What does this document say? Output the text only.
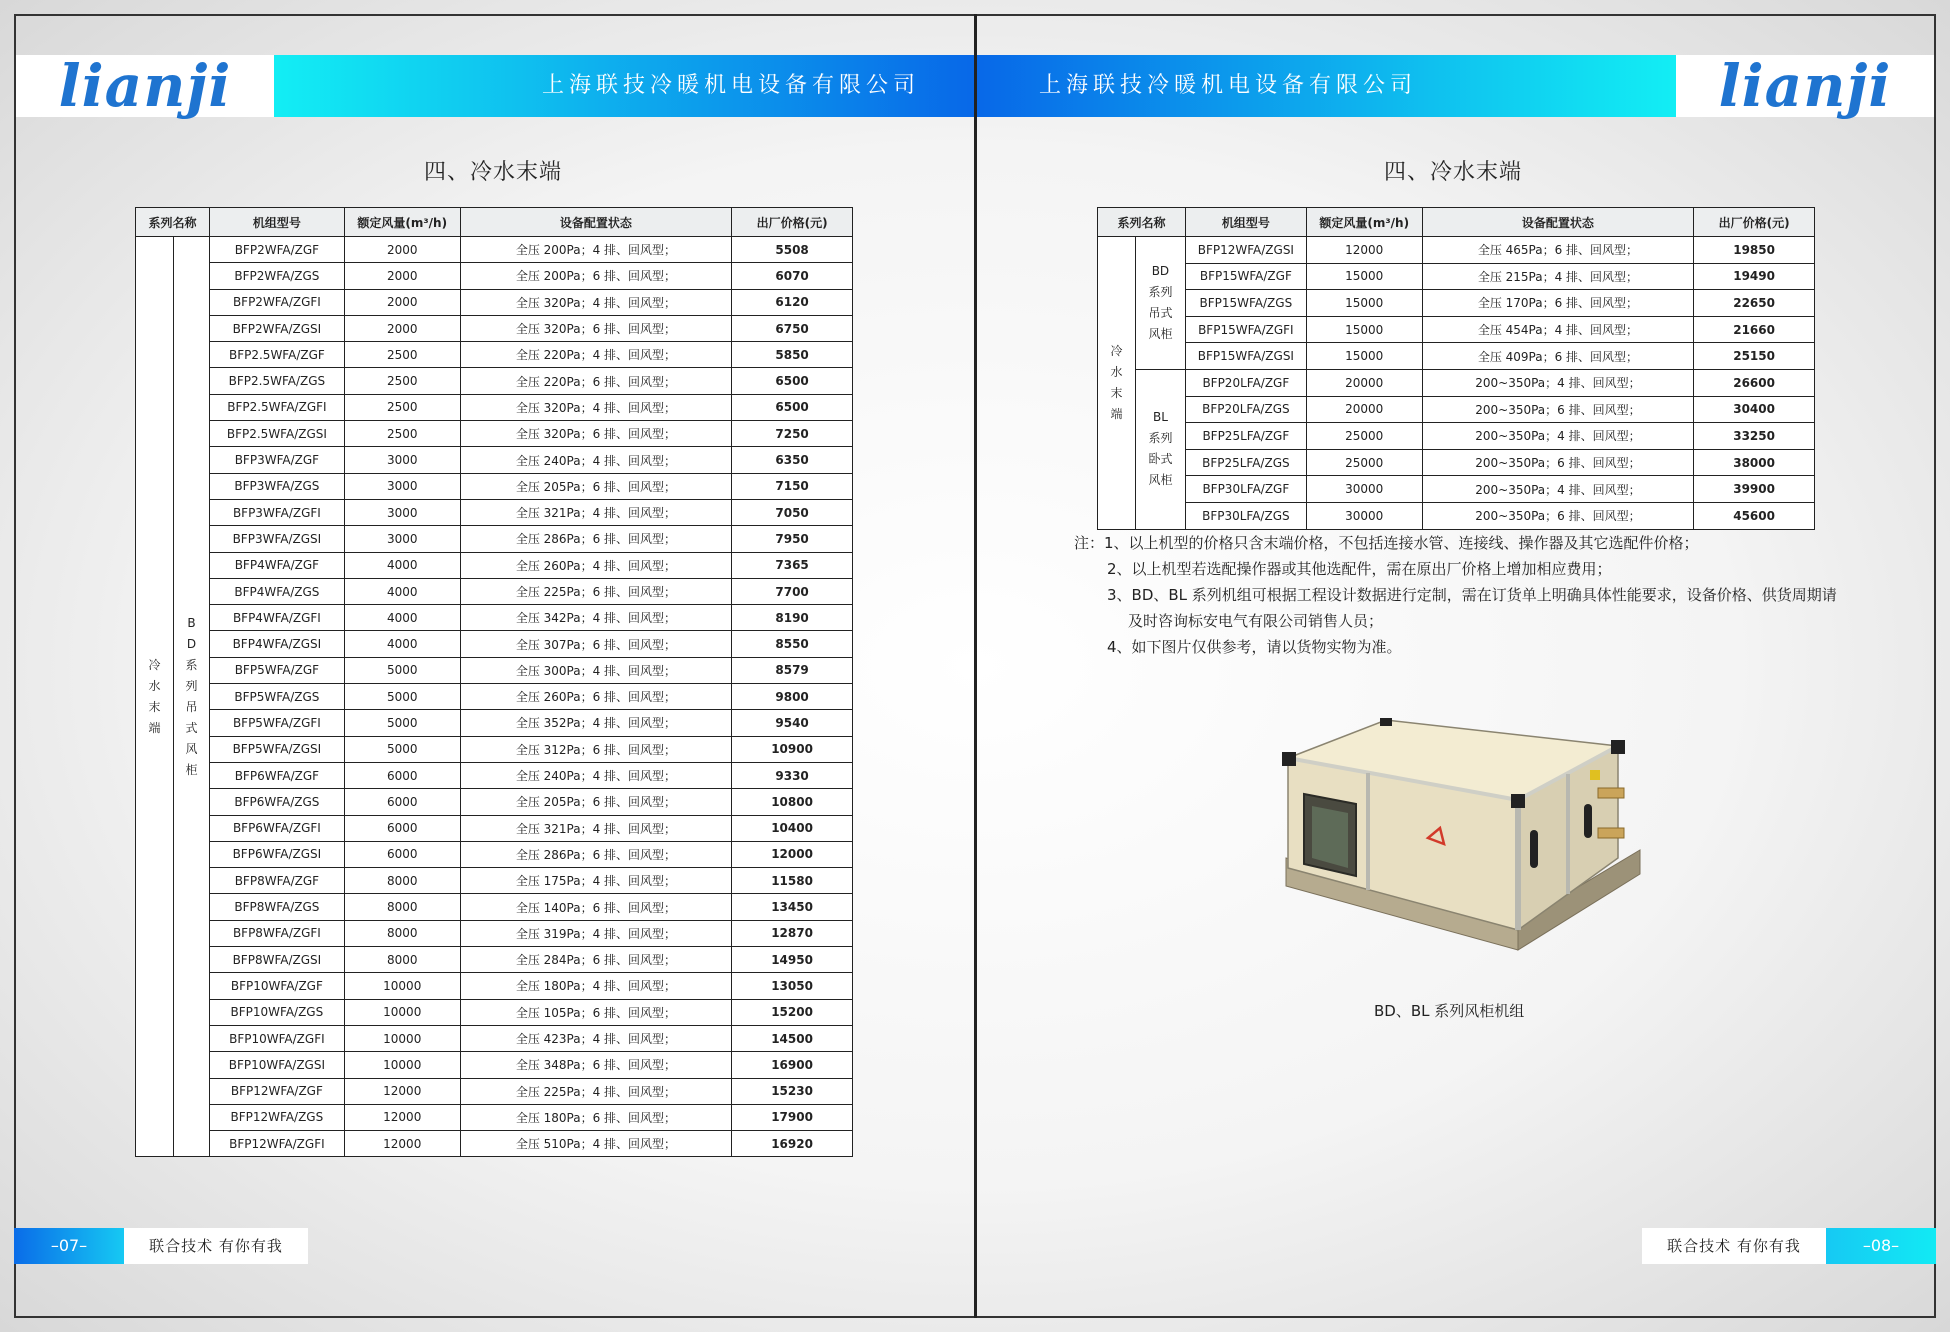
lianji	上海联技冷暖机电设备有限公司	上海联技冷暖机电设备有限公司	lianji
四、冷水末端	四、冷水末端
系列名称		机组型号	额定风量(m³/h)	设备配置状态	出厂价格(元)
冷水末端	BD系列吊式风柜	BFP2WFA/ZGF	2000	全压 200Pa；4 排、回风型；	5508
		BFP2WFA/ZGS	2000	全压 200Pa；6 排、回风型；	6070
		BFP2WFA/ZGFI	2000	全压 320Pa；4 排、回风型；	6120
		BFP2WFA/ZGSI	2000	全压 320Pa；6 排、回风型；	6750
		BFP2.5WFA/ZGF	2500	全压 220Pa；4 排、回风型；	5850
		BFP2.5WFA/ZGS	2500	全压 220Pa；6 排、回风型；	6500
		BFP2.5WFA/ZGFI	2500	全压 320Pa；4 排、回风型；	6500
		BFP2.5WFA/ZGSI	2500	全压 320Pa；6 排、回风型；	7250
		BFP3WFA/ZGF	3000	全压 240Pa；4 排、回风型；	6350
		BFP3WFA/ZGS	3000	全压 205Pa；6 排、回风型；	7150
		BFP3WFA/ZGFI	3000	全压 321Pa；4 排、回风型；	7050
		BFP3WFA/ZGSI	3000	全压 286Pa；6 排、回风型；	7950
		BFP4WFA/ZGF	4000	全压 260Pa；4 排、回风型；	7365
		BFP4WFA/ZGS	4000	全压 225Pa；6 排、回风型；	7700
		BFP4WFA/ZGFI	4000	全压 342Pa；4 排、回风型；	8190
		BFP4WFA/ZGSI	4000	全压 307Pa；6 排、回风型；	8550
		BFP5WFA/ZGF	5000	全压 300Pa；4 排、回风型；	8579
		BFP5WFA/ZGS	5000	全压 260Pa；6 排、回风型；	9800
		BFP5WFA/ZGFI	5000	全压 352Pa；4 排、回风型；	9540
		BFP5WFA/ZGSI	5000	全压 312Pa；6 排、回风型；	10900
		BFP6WFA/ZGF	6000	全压 240Pa；4 排、回风型；	9330
		BFP6WFA/ZGS	6000	全压 205Pa；6 排、回风型；	10800
		BFP6WFA/ZGFI	6000	全压 321Pa；4 排、回风型；	10400
		BFP6WFA/ZGSI	6000	全压 286Pa；6 排、回风型；	12000
		BFP8WFA/ZGF	8000	全压 175Pa；4 排、回风型；	11580
		BFP8WFA/ZGS	8000	全压 140Pa；6 排、回风型；	13450
		BFP8WFA/ZGFI	8000	全压 319Pa；4 排、回风型；	12870
		BFP8WFA/ZGSI	8000	全压 284Pa；6 排、回风型；	14950
		BFP10WFA/ZGF	10000	全压 180Pa；4 排、回风型；	13050
		BFP10WFA/ZGS	10000	全压 105Pa；6 排、回风型；	15200
		BFP10WFA/ZGFI	10000	全压 423Pa；4 排、回风型；	14500
		BFP10WFA/ZGSI	10000	全压 348Pa；6 排、回风型；	16900
		BFP12WFA/ZGF	12000	全压 225Pa；4 排、回风型；	15230
		BFP12WFA/ZGS	12000	全压 180Pa；6 排、回风型；	17900
		BFP12WFA/ZGFI	12000	全压 510Pa；4 排、回风型；	16920
系列名称		机组型号	额定风量(m³/h)	设备配置状态	出厂价格(元)
冷水末端	BD 系列吊式风柜	BFP12WFA/ZGSI	12000	全压 465Pa；6 排、回风型；	19850
		BFP15WFA/ZGF	15000	全压 215Pa；4 排、回风型；	19490
		BFP15WFA/ZGS	15000	全压 170Pa；6 排、回风型；	22650
		BFP15WFA/ZGFI	15000	全压 454Pa；4 排、回风型；	21660
		BFP15WFA/ZGSI	15000	全压 409Pa；6 排、回风型；	25150
	BL 系列卧式风柜	BFP20LFA/ZGF	20000	200~350Pa；4 排、回风型；	26600
		BFP20LFA/ZGS	20000	200~350Pa；6 排、回风型；	30400
		BFP25LFA/ZGF	25000	200~350Pa；4 排、回风型；	33250
		BFP25LFA/ZGS	25000	200~350Pa；6 排、回风型；	38000
		BFP30LFA/ZGF	30000	200~350Pa；4 排、回风型；	39900
		BFP30LFA/ZGS	30000	200~350Pa；6 排、回风型；	45600
注：1、以上机型的价格只含末端价格，不包括连接水管、连接线、操作器及其它选配件价格；
2、以上机型若选配操作器或其他选配件，需在原出厂价格上增加相应费用；
3、BD、BL 系列机组可根据工程设计数据进行定制，需在订货单上明确具体性能要求，设备价格、供货周期请
及时咨询标安电气有限公司销售人员；
4、如下图片仅供参考，请以货物实物为准。
BD、BL 系列风柜机组
–07–	联合技术 有你有我	联合技术 有你有我	–08–
